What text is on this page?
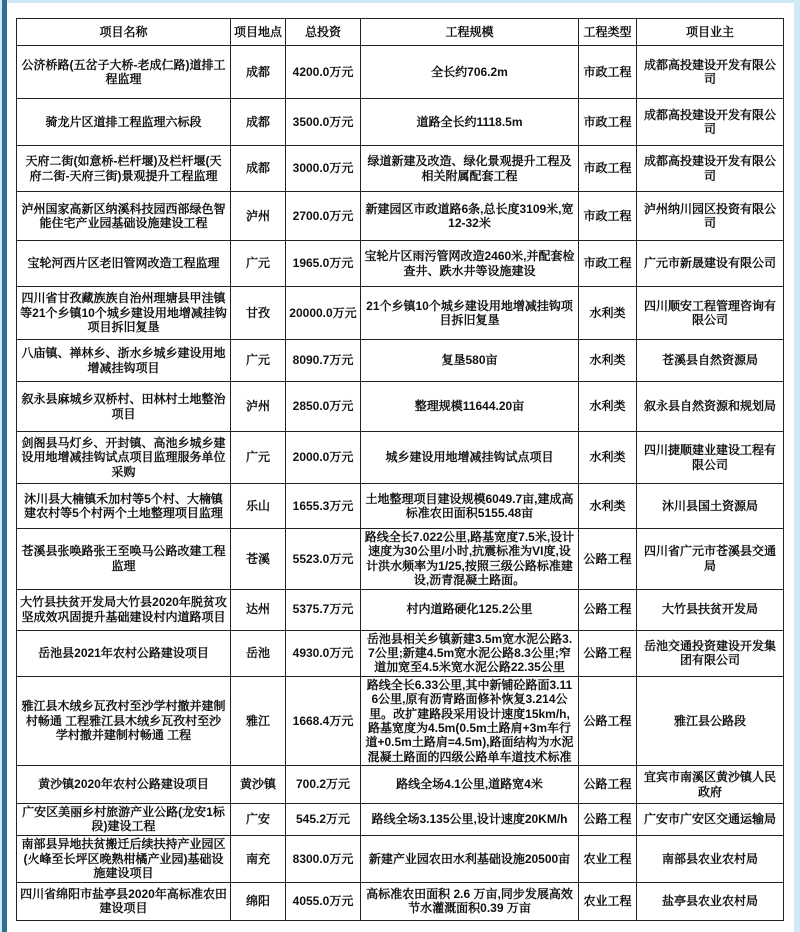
项目名称	项目地点	总投资	工程规模	工程类型	项目业主
公济桥路(五岔子大桥-老成仁路)道排工程监理	成都	4200.0万元	全长约706.2m	市政工程	成都高投建设开发有限公司
骑龙片区道排工程监理六标段	成都	3500.0万元	道路全长约1118.5m	市政工程	成都高投建设开发有限公司
天府二街(如意桥-栏杆堰)及栏杆堰(天府二街-天府三街)景观提升工程监理	成都	3000.0万元	绿道新建及改造、绿化景观提升工程及相关附属配套工程	市政工程	成都高投建设开发有限公司
泸州国家高新区纳溪科技园西部绿色智能住宅产业园基础设施建设工程	泸州	2700.0万元	新建园区市政道路6条,总长度3109米,宽12-32米	市政工程	泸州纳川园区投资有限公司
宝轮河西片区老旧管网改造工程监理	广元	1965.0万元	宝轮片区雨污管网改造2460米,并配套检查井、跌水井等设施建设	市政工程	广元市新晟建设有限公司
四川省甘孜藏族族自治州理塘县甲洼镇等21个乡镇10个城乡建设用地增减挂钩项目拆旧复垦	甘孜	20000.0万元	21个乡镇10个城乡建设用地增减挂钩项目拆旧复垦	水利类	四川顺安工程管理咨询有限公司
八庙镇、禅林乡、浙水乡城乡建设用地增减挂钩项目	广元	8090.7万元	复垦580亩	水利类	苍溪县自然资源局
叙永县麻城乡双桥村、田林村土地整治项目	泸州	2850.0万元	整理规模11644.20亩	水利类	叙永县自然资源和规划局
剑阁县马灯乡、开封镇、高池乡城乡建设用地增减挂钩试点项目监理服务单位采购	广元	2000.0万元	城乡建设用地增减挂钩试点项目	水利类	四川捷顺建业建设工程有限公司
沐川县大楠镇禾加村等5个村、大楠镇建农村等5个村两个土地整理项目监理	乐山	1655.3万元	土地整理项目建设规模6049.7亩,建成高标准农田面积5155.48亩	水利类	沐川县国土资源局
苍溪县张唤路张王至唤马公路改建工程监理	苍溪	5523.0万元	路线全长7.022公里,路基宽度7.5米,设计速度为30公里/小时,抗震标准为VI度,设计洪水频率为1/25,按照三级公路标准建设,沥青混凝土路面。	公路工程	四川省广元市苍溪县交通局
大竹县扶贫开发局大竹县2020年脱贫攻坚成效巩固提升基础建设村内道路项目	达州	5375.7万元	村内道路硬化125.2公里	公路工程	大竹县扶贫开发局
岳池县2021年农村公路建设项目	岳池	4930.0万元	岳池县相关乡镇新建3.5m宽水泥公路3.7公里;新建4.5m宽水泥公路8.3公里;窄道加宽至4.5米宽水泥公路22.35公里	公路工程	岳池交通投资建设开发集团有限公司
雅江县木绒乡瓦孜村至沙学村撤并建制村畅通 工程雅江县木绒乡瓦孜村至沙学村撤并建制村畅通 工程	雅江	1668.4万元	路线全长6.33公里,其中新铺砼路面3.116公里,原有沥青路面修补恢复3.214公里。改扩建路段采用设计速度15km/h,路基宽度为4.5m(0.5m土路肩+3m车行道+0.5m土路肩=4.5m),路面结构为水泥混凝土路面的四级公路单车道技术标准	公路工程	雅江县公路段
黄沙镇2020年农村公路建设项目	黄沙镇	700.2万元	路线全场4.1公里,道路宽4米	公路工程	宜宾市南溪区黄沙镇人民政府
广安区美丽乡村旅游产业公路(龙安1标段)建设工程	广安	545.2万元	路线全场3.135公里,设计速度20KM/h	公路工程	广安市广安区交通运输局
南部县异地扶贫搬迁后续扶持产业园区(火峰至长坪区晚熟柑橘产业园)基础设施建设项目	南充	8300.0万元	新建产业园农田水利基础设施20500亩	农业工程	南部县农业农村局
四川省绵阳市盐亭县2020年高标准农田建设项目	绵阳	4055.0万元	高标准农田面积 2.6 万亩,同步发展高效节水灌溉面积0.39 万亩	农业工程	盐亭县农业农村局
